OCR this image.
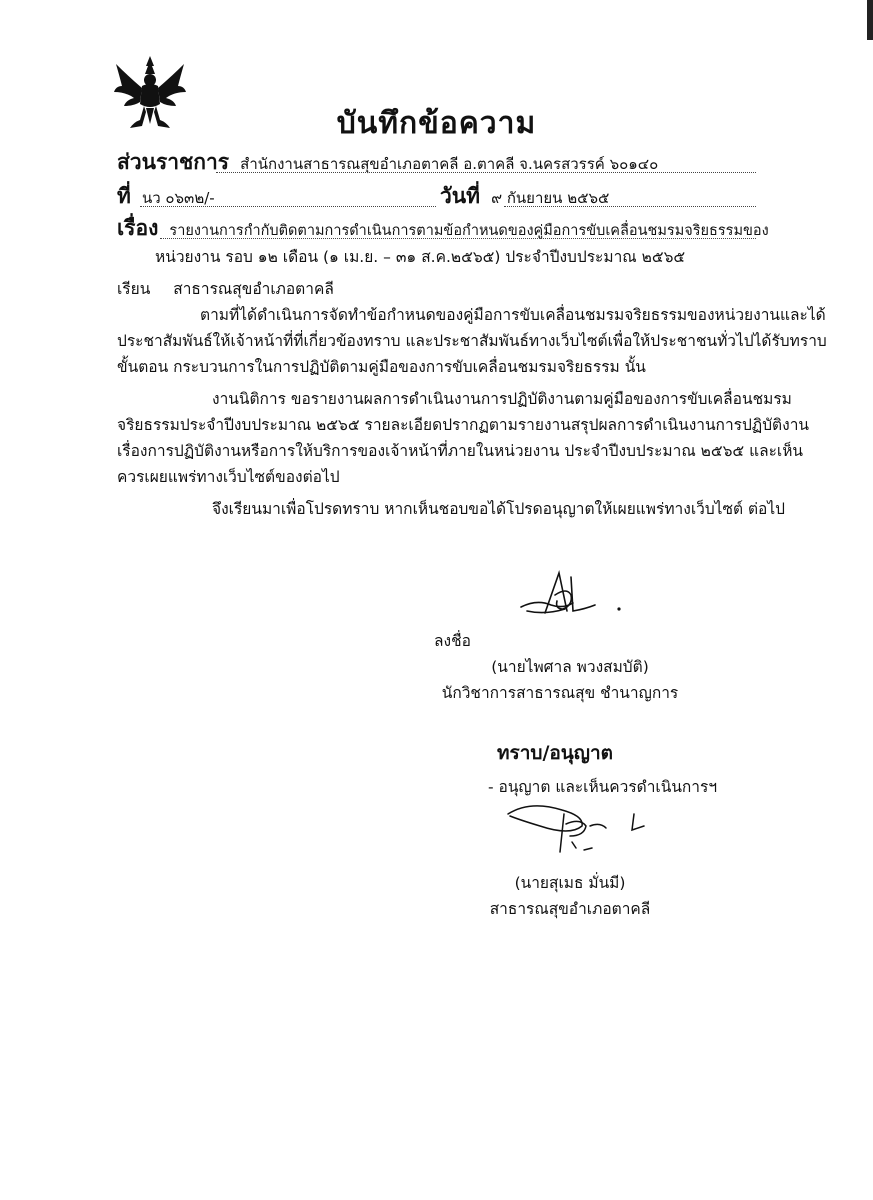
บันทึกข้อความ
ส่วนราชการ สำนักงานสาธารณสุขอำเภอตาคลี อ.ตาคลี จ.นครสวรรค์ ๖๐๑๔๐
ที่ นว ๐๖๓๒/-	วันที่ ๙ กันยายน ๒๕๖๕
เรื่อง รายงานการกำกับติดตามการดำเนินการตามข้อกำหนดของคู่มือการขับเคลื่อนชมรมจริยธรรมของ
หน่วยงาน รอบ ๑๒ เดือน (๑ เม.ย. – ๓๑ ส.ค.๒๕๖๕) ประจำปีงบประมาณ ๒๕๖๕
เรียน สาธารณสุขอำเภอตาคลี
ตามที่ได้ดำเนินการจัดทำข้อกำหนดของคู่มือการขับเคลื่อนชมรมจริยธรรมของหน่วยงานและได้
ประชาสัมพันธ์ให้เจ้าหน้าที่ที่เกี่ยวข้องทราบ และประชาสัมพันธ์ทางเว็บไซต์เพื่อให้ประชาชนทั่วไปได้รับทราบ
ขั้นตอน กระบวนการในการปฏิบัติตามคู่มือของการขับเคลื่อนชมรมจริยธรรม นั้น
งานนิติการ ขอรายงานผลการดำเนินงานการปฏิบัติงานตามคู่มือของการขับเคลื่อนชมรม
จริยธรรมประจำปีงบประมาณ ๒๕๖๕ รายละเอียดปรากฏตามรายงานสรุปผลการดำเนินงานการปฏิบัติงาน
เรื่องการปฏิบัติงานหรือการให้บริการของเจ้าหน้าที่ภายในหน่วยงาน ประจำปีงบประมาณ ๒๕๖๕ และเห็น
ควรเผยแพร่ทางเว็บไซต์ของต่อไป
จึงเรียนมาเพื่อโปรดทราบ หากเห็นชอบขอได้โปรดอนุญาตให้เผยแพร่ทางเว็บไซต์ ต่อไป
ลงชื่อ
(นายไพศาล พวงสมบัติ)
นักวิชาการสาธารณสุข ชำนาญการ
ทราบ/อนุญาต
- อนุญาต และเห็นควรดำเนินการฯ
(นายสุเมธ มั่นมี)
สาธารณสุขอำเภอตาคลี
